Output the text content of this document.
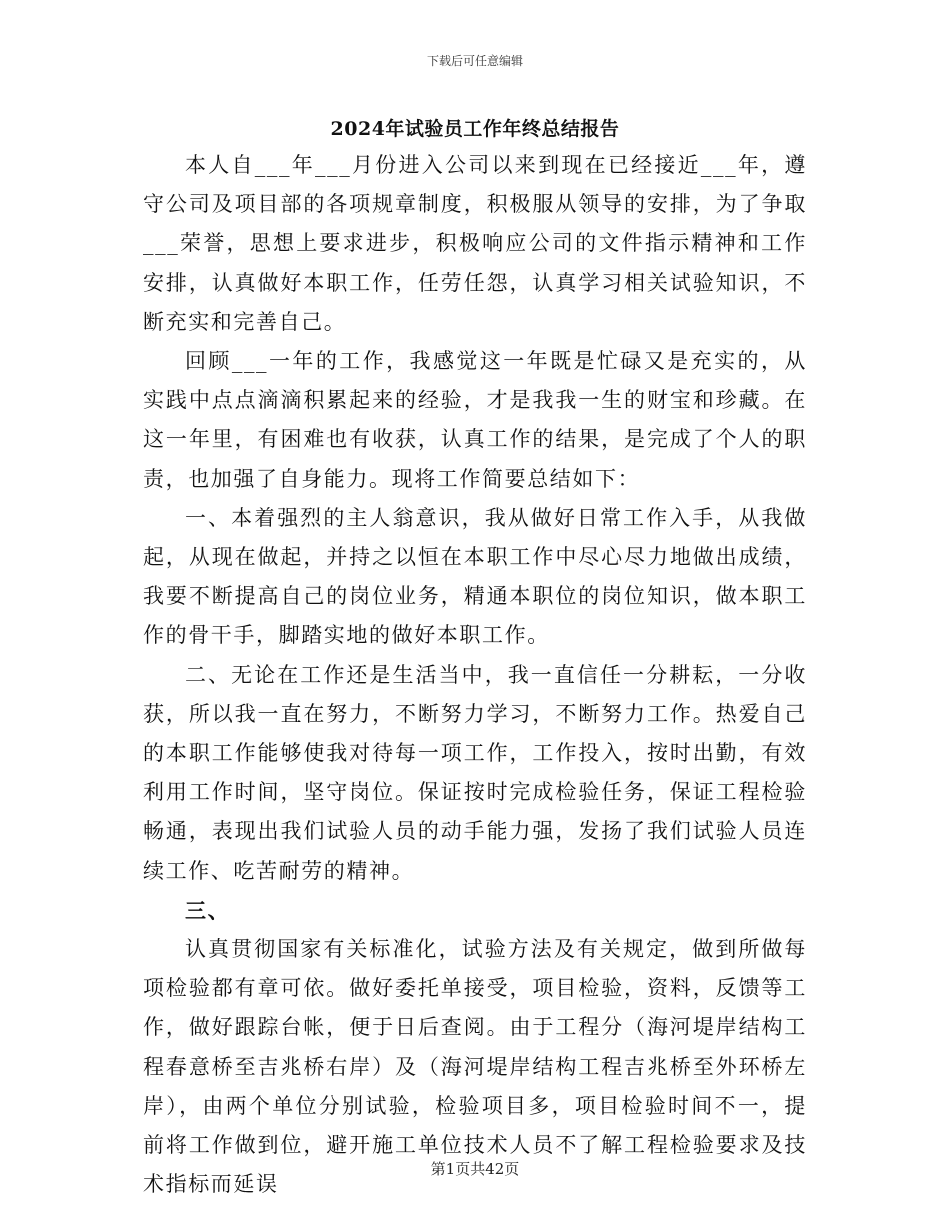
下载后可任意编辑
2024年试验员工作年终总结报告

本人自___年___月份进入公司以来到现在已经接近___年，遵守公司及项目部的各项规章制度，积极服从领导的安排，为了争取___荣誉，思想上要求进步，积极响应公司的文件指示精神和工作安排，认真做好本职工作，任劳任怨，认真学习相关试验知识，不断充实和完善自己。

回顾___一年的工作，我感觉这一年既是忙碌又是充实的，从实践中点点滴滴积累起来的经验，才是我我一生的财宝和珍藏。在这一年里，有困难也有收获，认真工作的结果，是完成了个人的职责，也加强了自身能力。现将工作简要总结如下：

一、本着强烈的主人翁意识，我从做好日常工作入手，从我做起，从现在做起，并持之以恒在本职工作中尽心尽力地做出成绩，我要不断提高自己的岗位业务，精通本职位的岗位知识，做本职工作的骨干手，脚踏实地的做好本职工作。

二、无论在工作还是生活当中，我一直信任一分耕耘，一分收获，所以我一直在努力，不断努力学习，不断努力工作。热爱自己的本职工作能够使我对待每一项工作，工作投入，按时出勤，有效利用工作时间，坚守岗位。保证按时完成检验任务，保证工程检验畅通，表现出我们试验人员的动手能力强，发扬了我们试验人员连续工作、吃苦耐劳的精神。

三、

认真贯彻国家有关标准化，试验方法及有关规定，做到所做每项检验都有章可依。做好委托单接受，项目检验，资料，反馈等工作，做好跟踪台帐，便于日后查阅。由于工程分（海河堤岸结构工程春意桥至吉兆桥右岸）及（海河堤岸结构工程吉兆桥至外环桥左岸），由两个单位分别试验，检验项目多，项目检验时间不一，提前将工作做到位，避开施工单位技术人员不了解工程检验要求及技术指标而延误

第1页共42页
